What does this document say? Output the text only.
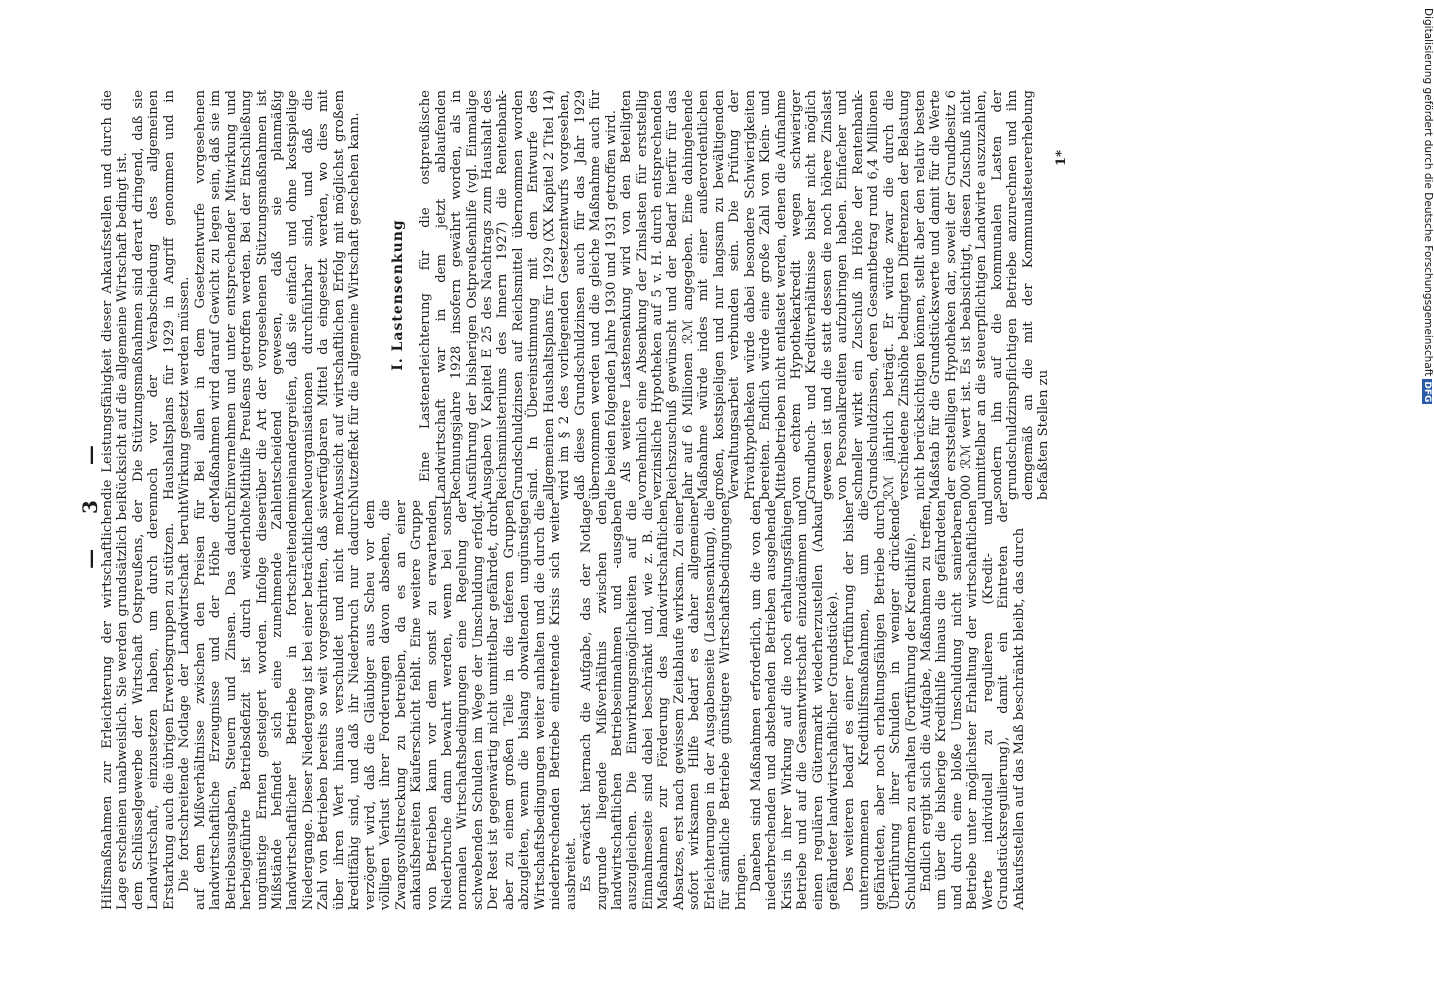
— 3 —

Hilfsmaßnahmen zur Erleichterung der wirtschaftlichen Lage erscheinen unabweislich. Sie werden grundsätzlich bei dem Schlüsselgewerbe der Wirtschaft Ostpreußens, der Landwirtschaft, einzusetzen haben, um durch deren Erstarkung auch die übrigen Erwerbsgruppen zu stützen. Die fortschreitende Notlage der Landwirtschaft beruht auf dem Mißverhältnisse zwischen den Preisen für landwirtschaftliche Erzeugnisse und der Höhe der Betriebsausgaben, Steuern und Zinsen. Das dadurch herbeigeführte Betriebsdefizit ist durch wiederholte ungünstige Ernten gesteigert worden. Infolge dieser Mißstände befindet sich eine zunehmende Zahl landwirtschaftlicher Betriebe in fortschreitendem Niedergange. Dieser Niedergang ist bei einer beträchtlichen Zahl von Betrieben bereits so weit vorgeschritten, daß sie über ihren Wert hinaus verschuldet und nicht mehr kreditfähig sind, und daß ihr Niederbruch nur dadurch verzögert wird, daß die Gläubiger aus Scheu vor dem völligen Verlust ihrer Forderungen davon absehen, die Zwangsvollstreckung zu betreiben, da es an einer ankaufsbereiten Käuferschicht fehlt. Eine weitere Gruppe von Betrieben kann vor dem sonst zu erwartenden Niederbruche dann bewahrt werden, wenn bei sonst normalen Wirtschaftsbedingungen eine Regelung der schwebenden Schulden im Wege der Umschuldung erfolgt. Der Rest ist gegenwärtig nicht unmittelbar gefährdet, droht aber zu einem großen Teile in die tieferen Gruppen abzugleiten, wenn die bislang obwaltenden ungünstigen Wirtschaftsbedingungen weiter anhalten und die durch die niederbrechenden Betriebe eintretende Krisis sich weiter ausbreitet. Es erwächst hiernach die Aufgabe, das der Notlage zugrunde liegende Mißverhältnis zwischen den landwirtschaftlichen Betriebseinnahmen und -ausgaben auszugleichen. Die Einwirkungsmöglichkeiten auf die Einnahmeseite sind dabei beschränkt und, wie z. B. die Maßnahmen zur Förderung des landwirtschaftlichen Absatzes, erst nach gewissem Zeitablaufe wirksam. Zu einer sofort wirksamen Hilfe bedarf es daher allgemeiner Erleichterungen in der Ausgabenseite (Lastensenkung), die für sämtliche Betriebe günstigere Wirtschaftsbedingungen bringen. Daneben sind Maßnahmen erforderlich, um die von den niederbrechenden und abstehenden Betrieben ausgehende Krisis in ihrer Wirkung auf die noch erhaltungsfähigen Betriebe und auf die Gesamtwirtschaft einzudämmen und einen regulären Gütermarkt wiederherzustellen (Ankauf gefährdeter landwirtschaftlicher Grundstücke). Des weiteren bedarf es einer Fortführung der bisher unternommenen Kredithilfsmaßnahmen, um die gefährdeten, aber noch erhaltungsfähigen Betriebe durch Überführung ihrer Schulden in weniger drückende Schuldformen zu erhalten (Fortführung der Kredithilfe). Endlich ergibt sich die Aufgabe, Maßnahmen zu treffen, um über die bisherige Kredithilfe hinaus die gefährdeten und durch eine bloße Umschuldung nicht sanierbaren Betriebe unter möglichster Erhaltung der wirtschaftlichen Werte individuell zu regulieren (Kredit- und Grundstücksregulierung), damit ein Eintreten der Ankaufsstellen auf das Maß beschränkt bleibt, das durch

die Leistungsfähigkeit dieser Ankaufsstellen und durch die Rücksicht auf die allgemeine Wirtschaft bedingt ist. Die Stützungsmaßnahmen sind derart dringend, daß sie noch vor der Verabschiedung des allgemeinen Haushaltsplans für 1929 in Angriff genommen und in Wirkung gesetzt werden müssen. Bei allen in dem Gesetzentwurfe vorgesehenen Maßnahmen wird darauf Gewicht zu legen sein, daß sie im Einvernehmen und unter entsprechender Mitwirkung und Mithilfe Preußens getroffen werden. Bei der Entschließung über die Art der vorgesehenen Stützungsmaßnahmen ist entscheidend gewesen, daß sie planmäßig ineinandergreifen, daß sie einfach und ohne kostspielige Neuorganisationen durchführbar sind, und daß die verfügbaren Mittel da eingesetzt werden, wo dies mit Aussicht auf wirtschaftlichen Erfolg mit möglichst großem Nutzeffekt für die allgemeine Wirtschaft geschehen kann. I. Lastensenkung Eine Lastenerleichterung für die ostpreußische Landwirtschaft war in dem jetzt ablaufenden Rechnungsjahre 1928 insofern gewährt worden, als in Ausführung der bisherigen Ostpreußenhilfe (vgl. Einmalige Ausgaben V Kapitel E 25 des Nachtrags zum Haushalt des Reichsministeriums des Innern 1927) die Rentenbank-Grundschuldzinsen auf Reichsmittel übernommen worden sind. In Übereinstimmung mit dem Entwurfe des allgemeinen Haushaltsplans für 1929 (XX Kapitel 2 Titel 14) wird im § 2 des vorliegenden Gesetzentwurfs vorgesehen, daß diese Grundschuldzinsen auch für das Jahr 1929 übernommen werden und die gleiche Maßnahme auch für die beiden folgenden Jahre 1930 und 1931 getroffen wird. Als weitere Lastensenkung wird von den Beteiligten vornehmlich eine Absenkung der Zinslasten für erststellig verzinsliche Hypotheken auf 5 v. H. durch entsprechenden Reichszuschuß gewünscht und der Bedarf hierfür für das Jahr auf 6 Millionen ℛℳ angegeben. Eine dahingehende Maßnahme würde indes mit einer außerordentlichen großen, kostspieligen und nur langsam zu bewältigenden Verwaltungsarbeit verbunden sein. Die Prüfung der Privathypotheken würde dabei besondere Schwierigkeiten bereiten. Endlich würde eine große Zahl von Klein- und Mittelbetrieben nicht entlastet werden, denen die Aufnahme von echtem Hypothekarkredit wegen schwieriger Grundbuch- und Kreditverhältnisse bisher nicht möglich gewesen ist und die statt dessen die noch höhere Zinslast von Personalkrediten aufzubringen haben. Einfacher und schneller wirkt ein Zuschuß in Höhe der Rentenbank-Grundschuldzinsen, deren Gesamtbetrag rund 6,4 Millionen ℛℳ jährlich beträgt. Er würde zwar die durch die verschiedene Zinshöhe bedingten Differenzen der Belastung nicht berücksichtigen können, stellt aber den relativ besten Maßstab für die Grundstückswerte und damit für die Werte der erststelligen Hypotheken dar, soweit der Grundbesitz 6 000 ℛℳ wert ist. Es ist beabsichtigt, diesen Zuschuß nicht unmittelbar an die steuerpflichtigen Landwirte auszuzahlen, sondern ihn auf die kommunalen Lasten der grundschuldzinspflichtigen Betriebe anzurechnen und ihn demgemäß an die mit der Kommunalsteuererhebung befaßten Stellen zu

1*	Digitalisierung gefördert durch die Deutsche ForschungsgemeinschaftDFG
